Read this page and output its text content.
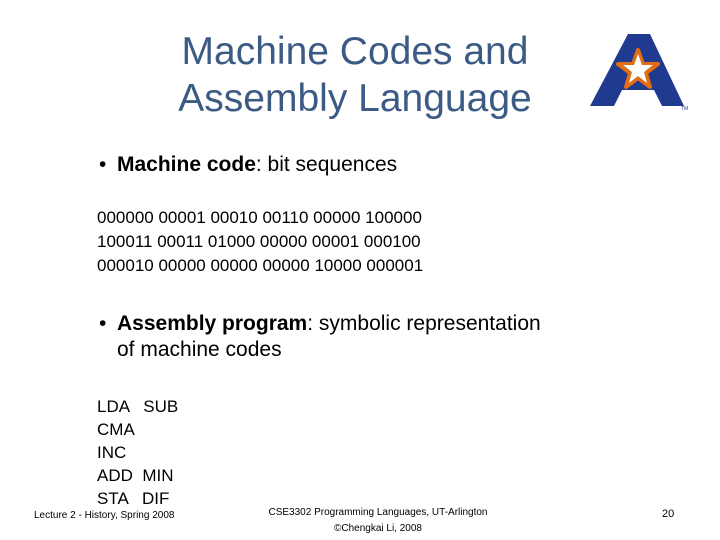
Machine Codes and
Assembly Language	TM
• Machine code: bit sequences
000000 00001 00010 00110 00000 100000
100011 00011 01000 00000 00001 000100
000010 00000 00000 00000 10000 000001
• Assembly program: symbolic representation
of machine codes
LDA   SUB
CMA
INC
ADD  MIN
STA   DIF
Lecture 2 - History, Spring 2008	CSE3302 Programming Languages, UT-Arlington
©Chengkai Li, 2008
20
